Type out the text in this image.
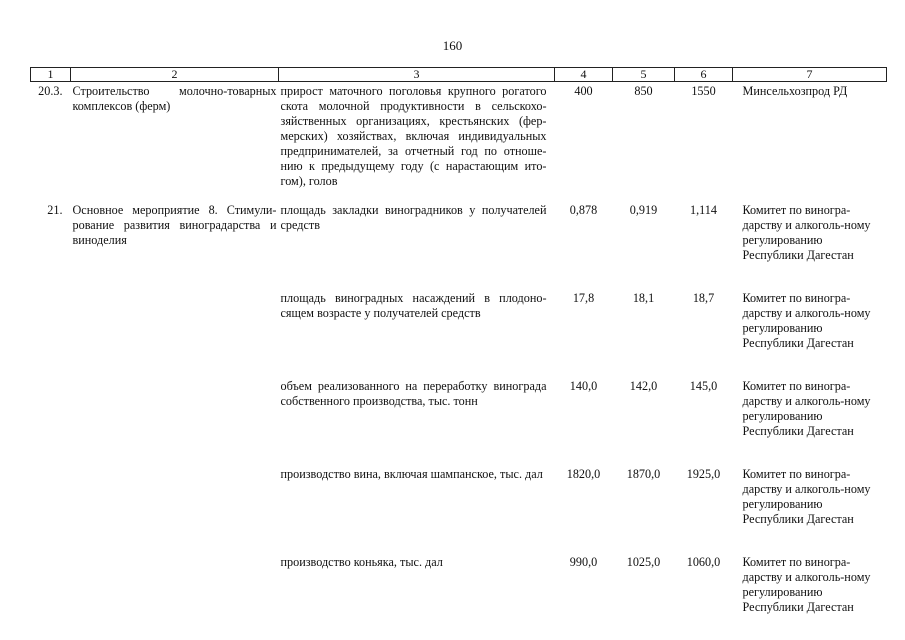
160
1	2	3	4	5	6	7
20.3.	Строительство молочно-товарных комплексов (ферм)	прирост маточного поголовья крупного рогатого скота молочной продуктивности в сельскохо-зяйственных организациях, крестьянских (фер-мерских) хозяйствах, включая индивидуальных предпринимателей, за отчетный год по отноше-нию к предыдущему году (с нарастающим ито-гом), голов	400	850	1550	Минсельхозпрод РД

21.	Основное мероприятие 8. Стимули-рование развития виноградарства и виноделия	площадь закладки виноградников у получателей средств	0,878	0,919	1,114	Комитет по виногра-дарству и алкоголь-ному регулированию Республики Дагестан

		площадь виноградных насаждений в плодоно-сящем возрасте у получателей средств	17,8	18,1	18,7	Комитет по виногра-дарству и алкоголь-ному регулированию Республики Дагестан

		объем реализованного на переработку винограда собственного производства, тыс. тонн	140,0	142,0	145,0	Комитет по виногра-дарству и алкоголь-ному регулированию Республики Дагестан

		производство вина, включая шампанское, тыс. дал	1820,0	1870,0	1925,0	Комитет по виногра-дарству и алкоголь-ному регулированию Республики Дагестан

		производство коньяка, тыс. дал	990,0	1025,0	1060,0	Комитет по виногра-дарству и алкоголь-ному регулированию Республики Дагестан
